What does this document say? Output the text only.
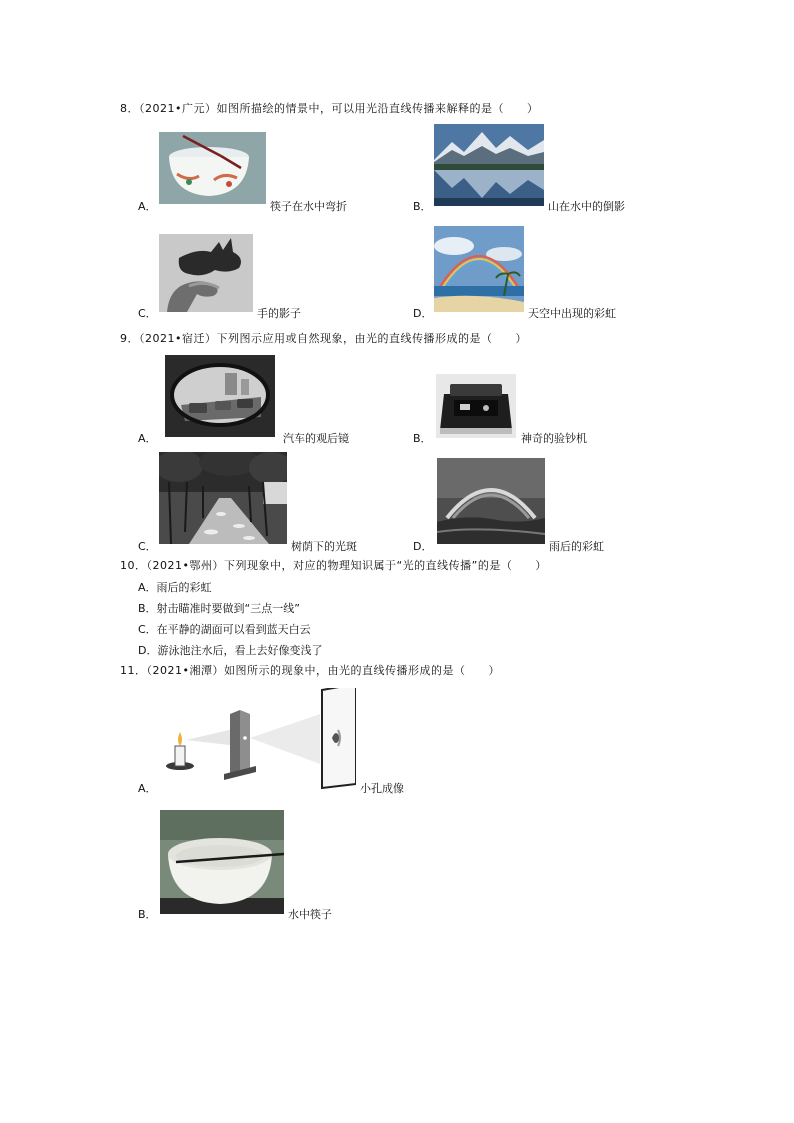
8．（2021•广元）如图所描绘的情景中，可以用光沿直线传播来解释的是（　　）
A．	筷子在水中弯折	B．	山在水中的倒影
C．	手的影子	D．	天空中出现的彩虹
9．（2021•宿迁）下列图示应用或自然现象，由光的直线传播形成的是（　　）
A．	汽车的观后镜	B．	神奇的验钞机
C．	树荫下的光斑	D．	雨后的彩虹
10．（2021•鄂州）下列现象中，对应的物理知识属于“光的直线传播”的是（　　）
A．雨后的彩虹
B．射击瞄准时要做到“三点一线”
C．在平静的湖面可以看到蓝天白云
D．游泳池注水后，看上去好像变浅了
11．（2021•湘潭）如图所示的现象中，由光的直线传播形成的是（　　）
A．	小孔成像
B．	水中筷子
